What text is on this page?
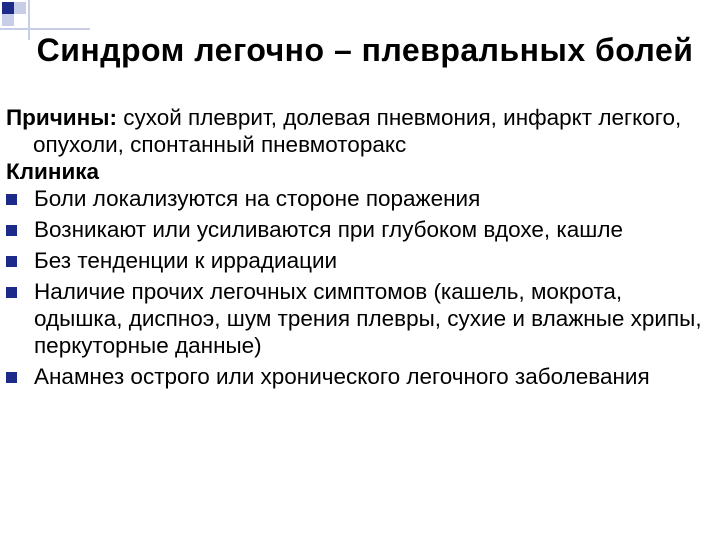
Синдром легочно – плевральных болей

Причины: сухой плеврит, долевая пневмония, инфаркт легкого, опухоли, спонтанный пневмоторакс

Клиника

Боли локализуются на стороне поражения
Возникают или усиливаются при глубоком вдохе, кашле
Без тенденции к иррадиации
Наличие прочих легочных симптомов (кашель, мокрота, одышка, диспноэ, шум трения плевры, сухие и влажные хрипы, перкуторные данные)
Анамнез острого или хронического легочного заболевания
